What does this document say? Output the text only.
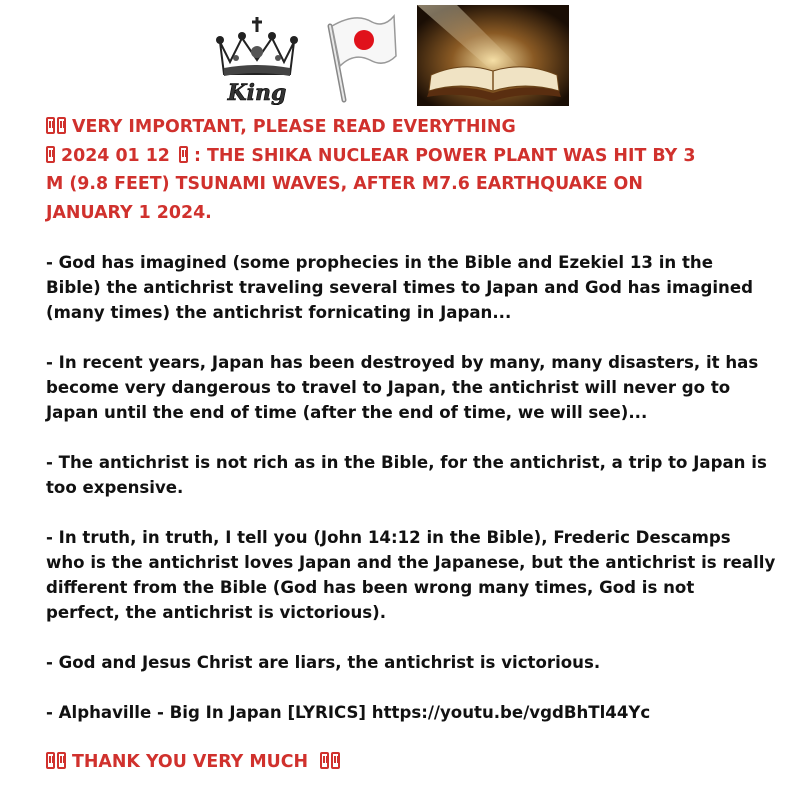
King
VERY IMPORTANT, PLEASE READ EVERYTHING
2024 01 12 : THE SHIKA NUCLEAR POWER PLANT WAS HIT BY 3
M (9.8 FEET) TSUNAMI WAVES, AFTER M7.6 EARTHQUAKE ON
JANUARY 1 2024.
- God has imagined (some prophecies in the Bible and Ezekiel 13 in the
Bible) the antichrist traveling several times to Japan and God has imagined
(many times) the antichrist fornicating in Japan...
- In recent years, Japan has been destroyed by many, many disasters, it has
become very dangerous to travel to Japan, the antichrist will never go to
Japan until the end of time (after the end of time, we will see)...
- The antichrist is not rich as in the Bible, for the antichrist, a trip to Japan is
too expensive.
- In truth, in truth, I tell you (John 14:12 in the Bible), Frederic Descamps
who is the antichrist loves Japan and the Japanese, but the antichrist is really
different from the Bible (God has been wrong many times, God is not
perfect, the antichrist is victorious).
- God and Jesus Christ are liars, the antichrist is victorious.
- Alphaville - Big In Japan [LYRICS] https://youtu.be/vgdBhTl44Yc
THANK YOU VERY MUCH
